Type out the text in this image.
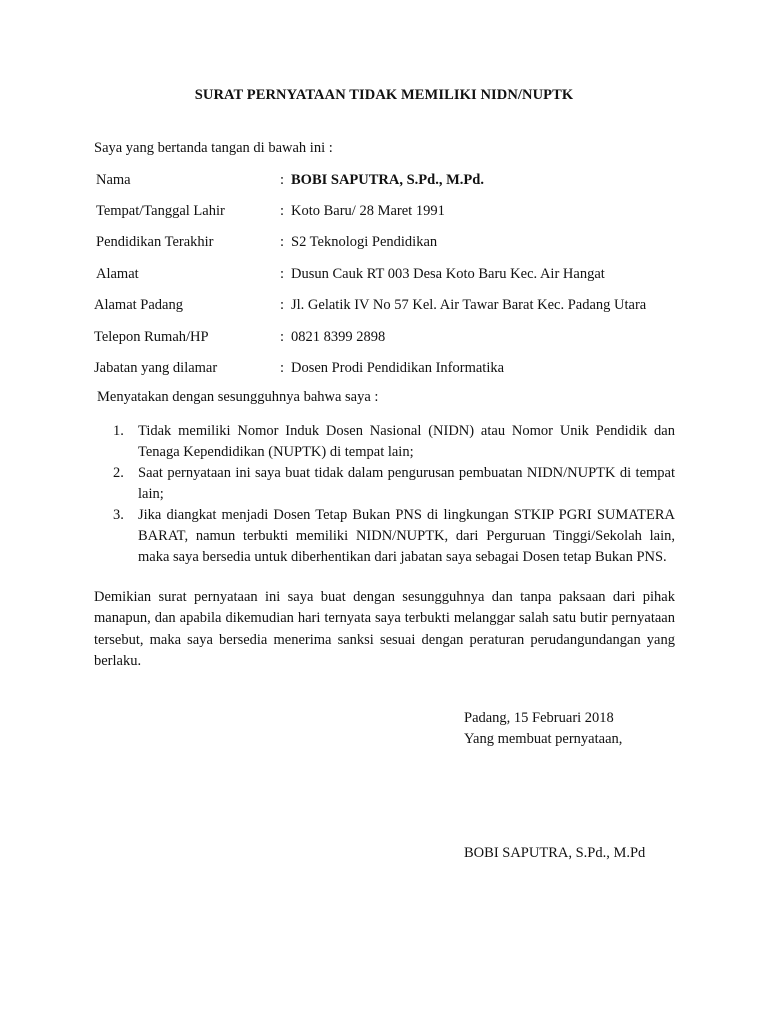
SURAT PERNYATAAN TIDAK MEMILIKI NIDN/NUPTK
Saya yang bertanda tangan di bawah ini :
Nama	: BOBI SAPUTRA, S.Pd., M.Pd.
Tempat/Tanggal Lahir	: Koto Baru/ 28 Maret 1991
Pendidikan Terakhir	: S2 Teknologi Pendidikan
Alamat	: Dusun Cauk RT 003 Desa Koto Baru Kec. Air Hangat
Alamat Padang	: Jl. Gelatik IV No 57 Kel. Air Tawar Barat Kec. Padang Utara
Telepon Rumah/HP	: 0821 8399 2898
Jabatan yang dilamar	: Dosen Prodi Pendidikan Informatika
Menyatakan dengan sesungguhnya bahwa saya :
1. Tidak memiliki Nomor Induk Dosen Nasional (NIDN) atau Nomor Unik Pendidik dan Tenaga Kependidikan (NUPTK) di tempat lain;
2. Saat pernyataan ini saya buat tidak dalam pengurusan pembuatan NIDN/NUPTK di tempat lain;
3. Jika diangkat menjadi Dosen Tetap Bukan PNS di lingkungan STKIP PGRI SUMATERA BARAT, namun terbukti memiliki NIDN/NUPTK, dari Perguruan Tinggi/Sekolah lain, maka saya bersedia untuk diberhentikan dari jabatan saya sebagai Dosen tetap Bukan PNS.
Demikian surat pernyataan ini saya buat dengan sesungguhnya dan tanpa paksaan dari pihak manapun, dan apabila dikemudian hari ternyata saya terbukti melanggar salah satu butir pernyataan tersebut, maka saya bersedia menerima sanksi sesuai dengan peraturan perudangundangan yang berlaku.
Padang, 15 Februari 2018
Yang membuat pernyataan,
BOBI SAPUTRA, S.Pd., M.Pd
